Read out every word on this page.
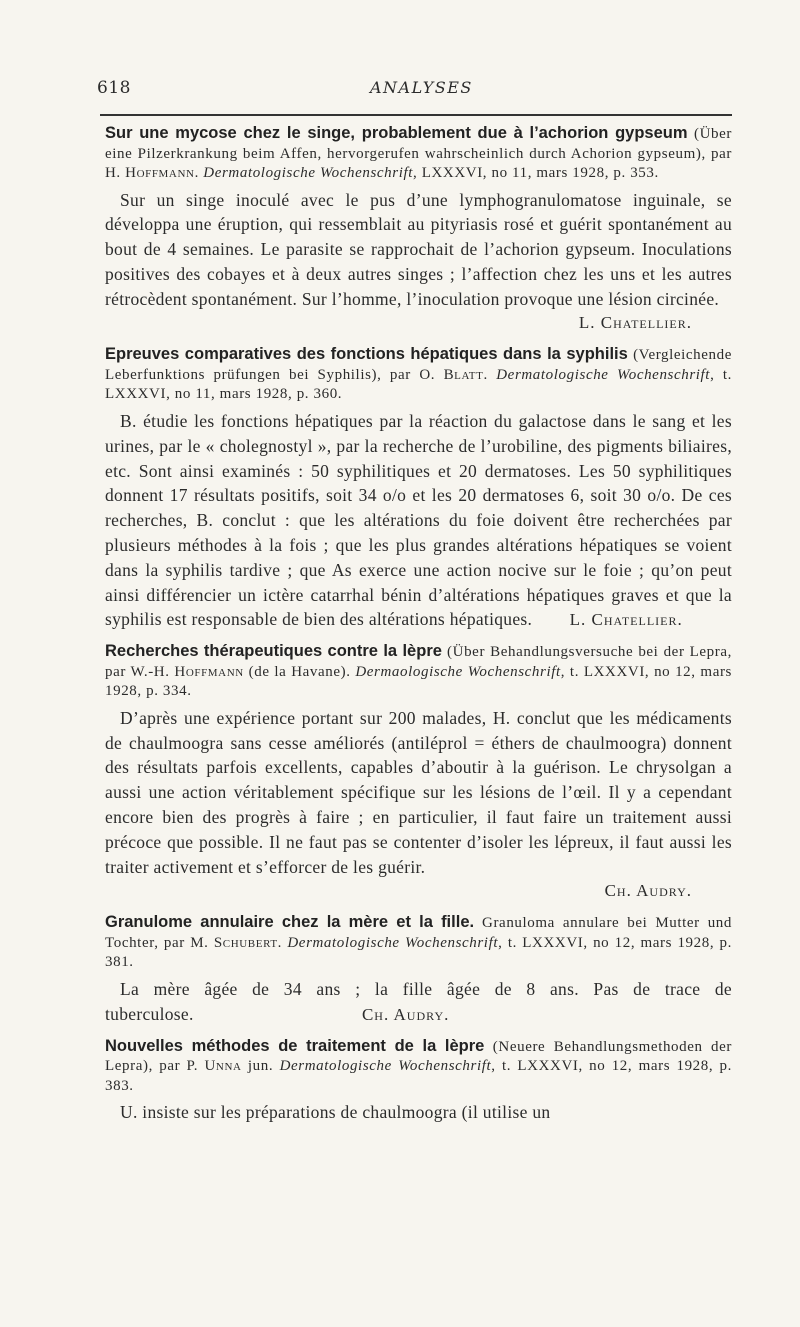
618	ANALYSES

Sur une mycose chez le singe, probablement due à l’achorion gypseum (Über eine Pilzerkrankung beim Affen, hervorgerufen wahrscheinlich durch Achorion gypseum), par H. Hoffmann. Dermatologische Wochenschrift, LXXXVI, no 11, mars 1928, p. 353.

Sur un singe inoculé avec le pus d’une lymphogranulomatose inguinale, se développa une éruption, qui ressemblait au pityriasis rosé et guérit spontanément au bout de 4 semaines. Le parasite se rapprochait de l’achorion gypseum. Inoculations positives des cobayes et à deux autres singes ; l’affection chez les uns et les autres rétrocèdent spontanément. Sur l’homme, l’inoculation provoque une lésion circinée.

L. Chatellier.

Epreuves comparatives des fonctions hépatiques dans la syphilis (Vergleichende Leberfunktions prüfungen bei Syphilis), par O. Blatt. Dermatologische Wochenschrift, t. LXXXVI, no 11, mars 1928, p. 360.

B. étudie les fonctions hépatiques par la réaction du galactose dans le sang et les urines, par le « cholegnostyl », par la recherche de l’urobiline, des pigments biliaires, etc. Sont ainsi examinés : 50 syphilitiques et 20 dermatoses. Les 50 syphilitiques donnent 17 résultats positifs, soit 34 o/o et les 20 dermatoses 6, soit 30 o/o. De ces recherches, B. conclut : que les altérations du foie doivent être recherchées par plusieurs méthodes à la fois ; que les plus grandes altérations hépatiques se voient dans la syphilis tardive ; que As exerce une action nocive sur le foie ; qu’on peut ainsi différencier un ictère catarrhal bénin d’altérations hépatiques graves et que la syphilis est responsable de bien des altérations hépatiques. L. Chatellier.

Recherches thérapeutiques contre la lèpre (Über Behandlungsversuche bei der Lepra, par W.-H. Hoffmann (de la Havane). Dermaologische Wochenschrift, t. LXXXVI, no 12, mars 1928, p. 334.

D’après une expérience portant sur 200 malades, H. conclut que les médicaments de chaulmoogra sans cesse améliorés (antiléprol = éthers de chaulmoogra) donnent des résultats parfois excellents, capables d’aboutir à la guérison. Le chrysolgan a aussi une action véritablement spécifique sur les lésions de l’œil. Il y a cependant encore bien des progrès à faire ; en particulier, il faut faire un traitement aussi précoce que possible. Il ne faut pas se contenter d’isoler les lépreux, il faut aussi les traiter activement et s’efforcer de les guérir.

Ch. Audry.

Granulome annulaire chez la mère et la fille. Granuloma annulare bei Mutter und Tochter, par M. Schubert. Dermatologische Wochenschrift, t. LXXXVI, no 12, mars 1928, p. 381.

La mère âgée de 34 ans ; la fille âgée de 8 ans. Pas de trace de tuberculose.	Ch. Audry.

Nouvelles méthodes de traitement de la lèpre (Neuere Behandlungsmethoden der Lepra), par P. Unna jun. Dermatologische Wochenschrift, t. LXXXVI, no 12, mars 1928, p. 383.

U. insiste sur les préparations de chaulmoogra (il utilise un
